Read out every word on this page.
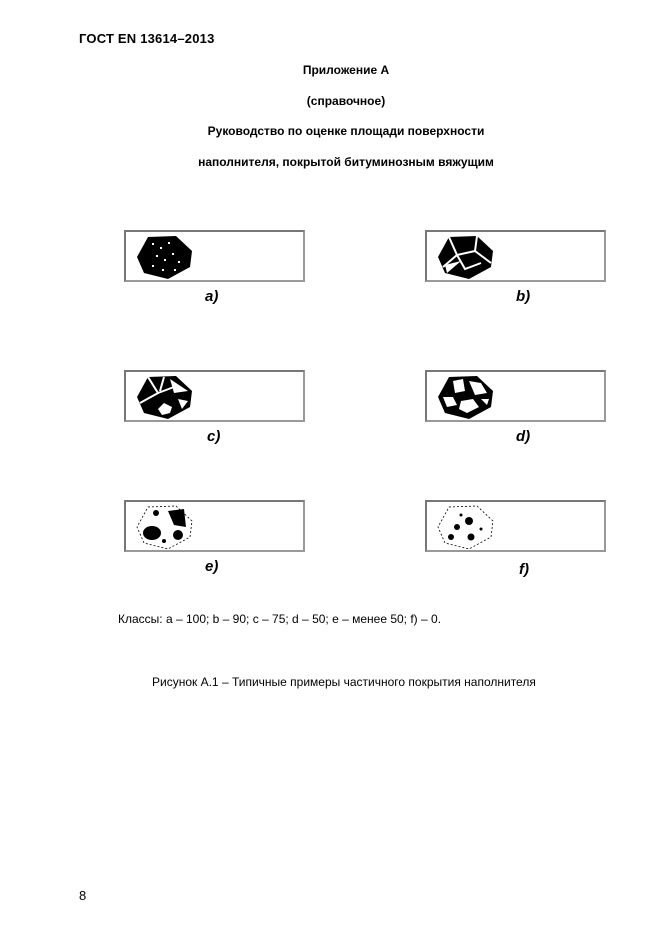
ГОСТ EN 13614–2013
Приложение А
(справочное)
Руководство по оценке площади поверхности
наполнителя, покрытой битуминозным вяжущим
a)	b)
c)	d)
e)	f)
Классы: a – 100; b – 90; c – 75; d – 50; e – менее 50; f) – 0.
Рисунок А.1 – Типичные примеры частичного покрытия наполнителя
8
